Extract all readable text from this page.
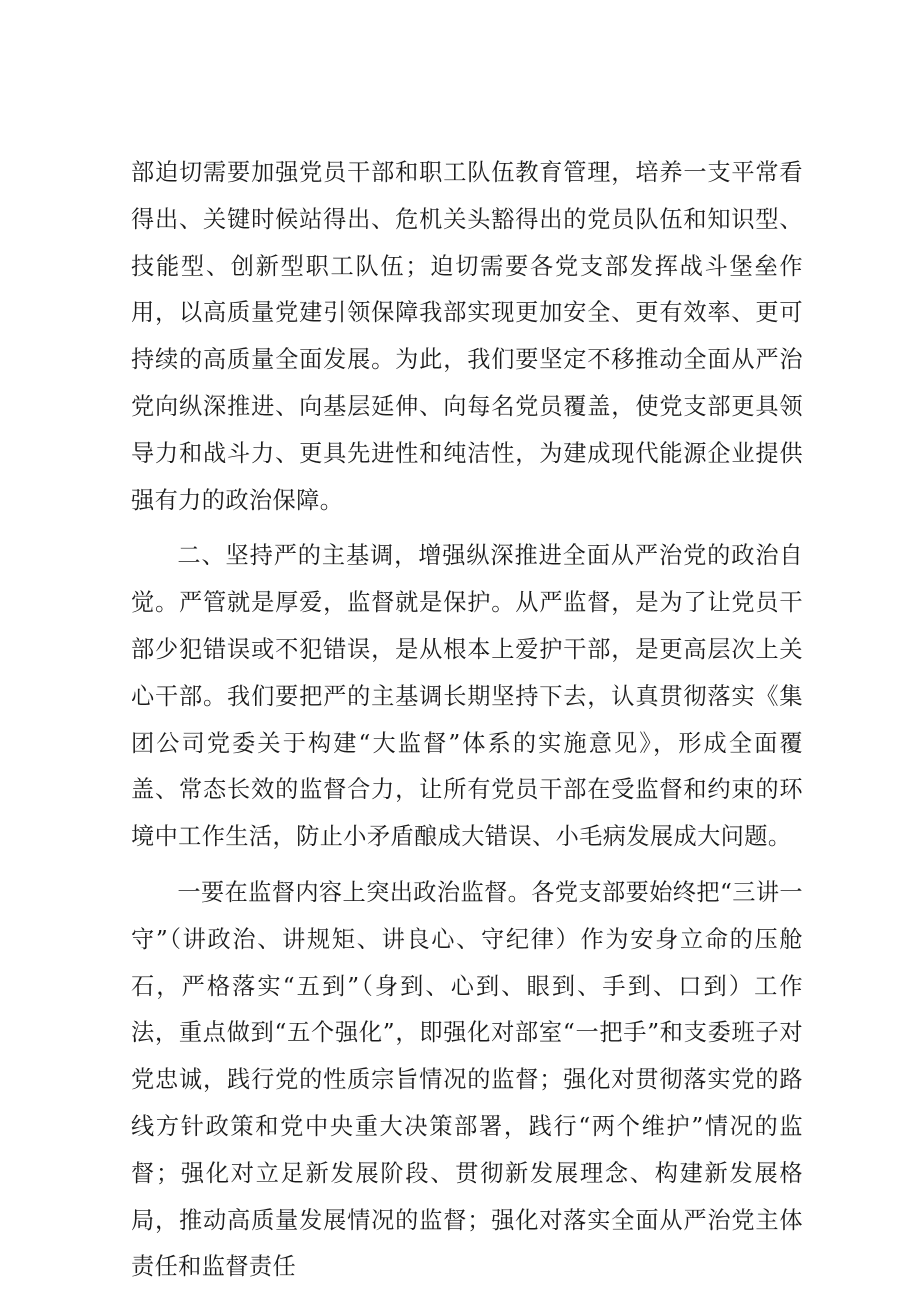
部迫切需要加强党员干部和职工队伍教育管理，培养一支平常看得出、关键时候站得出、危机关头豁得出的党员队伍和知识型、技能型、创新型职工队伍；迫切需要各党支部发挥战斗堡垒作用，以高质量党建引领保障我部实现更加安全、更有效率、更可持续的高质量全面发展。为此，我们要坚定不移推动全面从严治党向纵深推进、向基层延伸、向每名党员覆盖，使党支部更具领导力和战斗力、更具先进性和纯洁性，为建成现代能源企业提供强有力的政治保障。

二、坚持严的主基调，增强纵深推进全面从严治党的政治自觉。严管就是厚爱，监督就是保护。从严监督，是为了让党员干部少犯错误或不犯错误，是从根本上爱护干部，是更高层次上关心干部。我们要把严的主基调长期坚持下去，认真贯彻落实《集团公司党委关于构建“大监督”体系的实施意见》，形成全面覆盖、常态长效的监督合力，让所有党员干部在受监督和约束的环境中工作生活，防止小矛盾酿成大错误、小毛病发展成大问题。

一要在监督内容上突出政治监督。各党支部要始终把“三讲一守”（讲政治、讲规矩、讲良心、守纪律）作为安身立命的压舱石，严格落实“五到”（身到、心到、眼到、手到、口到）工作法，重点做到“五个强化”，即强化对部室“一把手”和支委班子对党忠诚，践行党的性质宗旨情况的监督；强化对贯彻落实党的路线方针政策和党中央重大决策部署，践行“两个维护”情况的监督；强化对立足新发展阶段、贯彻新发展理念、构建新发展格局，推动高质量发展情况的监督；强化对落实全面从严治党主体责任和监督责任
